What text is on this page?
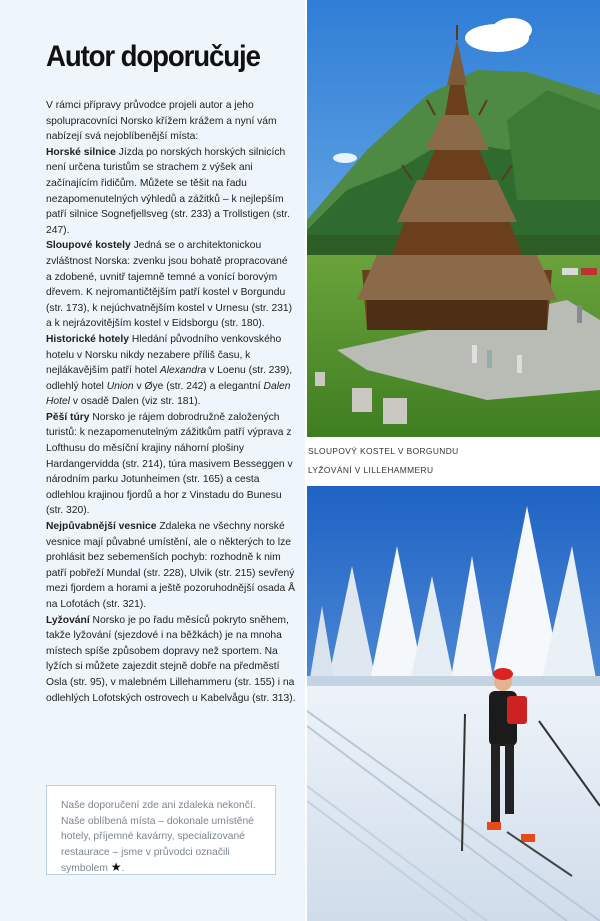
Autor doporučuje

V rámci přípravy průvodce projeli autor a jeho spolupracovníci Norsko křížem krážem a nyní vám nabízejí svá nejoblíbenější místa:

Horské silnice Jízda po norských horských silnicích není určena turistům se strachem z výšek ani začínajícím řidičům. Můžete se těšit na řadu nezapomenutelných výhledů a zážitků – k nejlepším patří silnice Sognefjellsveg (str. 233) a Trollstigen (str. 247).

Sloupové kostely Jedná se o architektonickou zvláštnost Norska: zvenku jsou bohatě propracované a zdobené, uvnitř tajemně temné a vonící borovým dřevem. K nejromantičtějším patří kostel v Borgundu (str. 173), k nejúchvatnějším kostel v Urnesu (str. 231) a k nejrázovitějším kostel v Eidsborgu (str. 180).

Historické hotely Hledání původního venkovského hotelu v Norsku nikdy nezabere příliš času, k nejlákavějším patří hotel Alexandra v Loenu (str. 239), odlehlý hotel Union v Øye (str. 242) a elegantní Dalen Hotel v osadě Dalen (viz str. 181).

Pěší túry Norsko je rájem dobrodružně založených turistů: k nezapomenutelným zážitkům patří výprava z Lofthusu do měsíční krajiny náhorní plošiny Hardangervidda (str. 214), túra masivem Besseggen v národním parku Jotunheimen (str. 165) a cesta odlehlou krajinou fjordů a hor z Vinstadu do Bunesu (str. 320).

Nejpůvabnější vesnice Zdaleka ne všechny norské vesnice mají půvabné umístění, ale o některých to lze prohlásit bez sebemenších pochyb: rozhodně k nim patří pobřeží Mundal (str. 228), Ulvik (str. 215) sevřený mezi fjordem a horami a ještě pozoruhodnější osada Å na Lofotách (str. 321).

Lyžování Norsko je po řadu měsíců pokryto sněhem, takže lyžování (sjezdové i na běžkách) je na mnoha místech spíše způsobem dopravy než sportem. Na lyžích si můžete zajezdit stejně dobře na předměstí Osla (str. 95), v malebném Lillehammeru (str. 155) i na odlehlých Lofotských ostrovech u Kabelvågu (str. 313).

Naše doporučení zde ani zdaleka nekončí. Naše oblíbená místa – dokonale umístěné hotely, příjemné kavárny, specializované restaurace – jsme v průvodci označili symbolem ★.
SLOUPOVÝ KOSTEL V BORGUNDU
LYŽOVÁNÍ V LILLEHAMMERU
